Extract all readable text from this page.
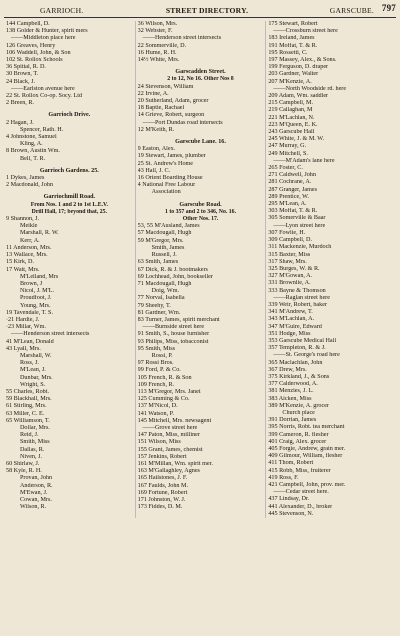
GARRIOCH.	STREET DIRECTORY.	GARSCUBE. 797
144 Campbell, D.
138 Golder & Hunter, spirit mers
——Middleton place here
126 Greaves, Henry
106 Waddell, John, & Son
102 St. Rollox Schools
36 Spittal, R. D.
30 Brown, T.
24 Black, J.
——Earlston avenue here
22 St. Rollox Co-op. Socy. Ltd
2 Breen, R.
Garrioch Drive.
2 Hagan, J.
Spencer, Rath. H.
4 Johnstone, Samuel
Kling, A.
8 Brown, Austin Wm.
Bell, T. R.
Garrioch Gardens. 25.
1 Dykes, James
2 Macdonald, John
Garriochmill Road.
From Nos. 1 and 2 to 1st L.E.V.
Drill Hall, 17; beyond that, 25.
9 Shannon, J.
Meikle
Marshall, R. W.
Kerr, A.
11 Anderson, Mrs.
13 Wallace, Mrs.
15 Kirk, D.
17 Watt, Mrs.
M'Lelland, Mrs
Brown, J
Nicol, J. M'L.
Proudfoot, J.
Young, Mrs.
19 Tavendale, T. S.
·21 Hardie, J.
·23 Millar, Wm.
——Henderson street intersects
41 M'Lean, Donald
43 Lyall, Mrs.
Marshall, W.
Ross, J.
M'Lean, J.
Dunbar, Mrs.
Wright, S.
55 Charles, Robt.
59 Blackhall, Mrs.
61 Stirling, Mrs.
63 Miller, C. E.
65 Williamson, T.
Dollar, Mrs.
Reid, J.
Smith, Miss
Dallas, R.
Niven, J.
60 Shirlaw, J.
58 Kyle, R. H.
Provan, John
Anderson, R.
M'Ewan, J.
Cowan, Mrs.
Wilson, R.
36 Wilson, Mrs.
32 Webster, F.
——Henderson street intersects
22 Sommerville, D.
16 Hume, R. H.
14½ White, Mrs.
Garscadden Street.
2 to 12, No 16. Other Nos 8
24 Stevenson, William
22 Irvine, A.
20 Sutherland, Adam, grocer
18 Baptie, Rachael
14 Grieve, Robert, surgeon
——Port Dundas road intersects
12 M'Keith, R.
Garscube Lane. 16.
9 Easton, Alex.
19 Stewart, James, plumber
25 St. Andrew's Home
43 Hall, J. C.
16 Orient Boarding House
4 National Free Labour
Association
Garscube Road.
1 to 357 and 2 to 346, No. 16.
Other Nos. 17.
53, 55 M'Ausland, James
57 Macdougall, Hugh
59 M'Gregor, Mrs.
Smith, James
Russell, J.
63 Smith, James
67 Dick, R. & J. bootmakers
69 Lochhead, John, bookseller
71 Macdougall, Hugh
Doig, Wm.
77 Norval, Isabella
79 Sheehy, T.
81 Gardner, Wm.
83 Turner, James, spirit merchant
——Burnside street here
91 Smith, S., house furnisher
93 Philips, Miss, tobacconist
95 Smith, Miss
Rossi, P.
97 Rossi Bros.
99 Ford, P. & Co.
105 French, R. & Son
109 French, R.
113 M'Gregor, Mrs. Janet
125 Cumming & Co.
137 M'Nicol, D.
141 Watson, P.
145 Mitchell, Mrs. newsagent
——Grove street here
147 Paton, Miss, milliner
151 Wilson, Miss
155 Grant, James, chemist
157 Jenkins, Robert
161 M'Millan, Wm. spirit mer.
163 M'Gallaghley, Agnes
165 Hailstones, J. F.
167 Faulds, John M.
169 Fortune, Robert
171 Johnston, W. J.
173 Fiddes, D. M.
175 Stewart, Robert
——Crossburn street here
183 Ireland, James
191 Moffat, T. & R.
195 Rossetti, C.
197 Massey, Alex., & Sons.
199 Ferguson, D. draper
203 Gardner, Walter
207 M'Kenzie, A.
——North Woodside rd. here
209 Adam, Wm. saddler
215 Campbell, M.
219 Callaghan, M
221 M'Lachlan, N.
223 M'Queen, E. K.
243 Garscube Hall
245 White, J. & M. W.
247 Murray, G.
249 Mitchell, S.
——M'Adam's lane here
265 Foster, C.
271 Caldwell, John
281 Cochrane, A.
287 Granger, James
289 Prentice, W.
295 M'Lean, A.
303 Moffat, T. & R.
305 Somerville & Baar
——Lyon street here
307 Fowlie, H.
309 Campbell, D.
311 Mackenzie, Murdoch
315 Baxter, Miss
317 Shaw, Mrs.
325 Burges, W. & R.
327 M'Gowan, A.
331 Brownlie, A.
333 Bayne & Thomson
——Raglan street here
339 Weir, Robert, baker
341 M'Andrew, T.
343 M'Lachlan, A.
347 M'Guire, Edward
351 Hodge, Miss
353 Garscube Medical Hall
357 Templeton, R. & J.
——St. George's road here
365 Maclachlan, John
367 Drew, Mrs.
375 Kirkland, J., & Sons
377 Calderwood, A.
381 Menzies, J. L.
383 Aicken, Miss
389 M'Kenzie, A. grocer
Church place
391 Dorrian, James
395 Norris, Robt. tea merchant
399 Cameron, R. flesher
401 Craig, Alex. grocer
405 Forgie, Andrew, grain mer.
409 Gilmour, William, flesher
411 Thom, Robert
415 Robb, Miss, fruiterer
419 Ross, F.
421 Campbell, John, prov. mer.
——Cedar street here.
437 Lindsay, Dr.
441 Alexander, D., broker
445 Stevenson, N.
